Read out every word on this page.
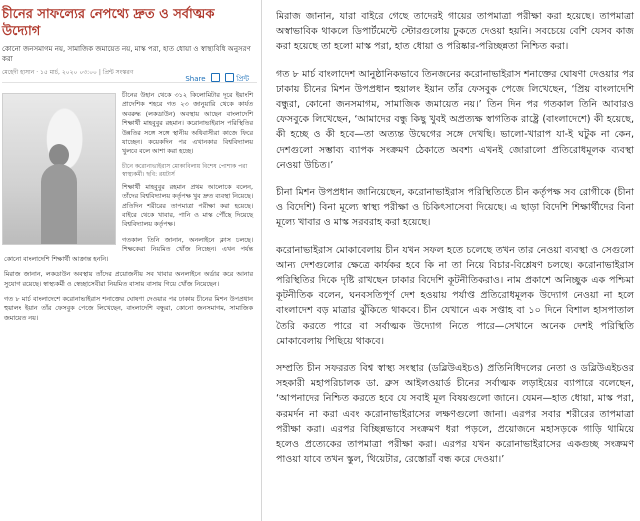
চীনের সাফল্যের নেপথ্যে দ্রুত ও সর্বাত্মক উদ্যোগ
কোনো জনসমাগম নয়, সামাজিক জমায়েত নয়, মাস্ক পরা, হাত ধোয়া ও স্বাস্থ্যবিধি অনুসরণ করা
মেহেদী হাসান · ১৫ মার্চ, ২০২০ ০৩:০০ | প্রিন্ট সংস্করণ
Share	প্রিন্ট

চীনের উহান থেকে ৩১২ কিলোমিটার দূরে ইয়াংশি প্রাদেশিক শহরে গত ২৩ জানুয়ারি থেকে কার্যত অবরুদ্ধ (লকডাউন) অবস্থায় আছেন বাংলাদেশি শিক্ষার্থী মাহবুবুর রহমান। করোনাভাইরাস পরিস্থিতির উন্নতির সঙ্গে সঙ্গে স্থানীয় অধিবাসীরা কাজে ফিরে যাচ্ছেন। কয়েকদিন পর এখানকার বিশ্ববিদ্যালয় খুলবে বলে আশা করা হচ্ছে।

চীনে করোনাভাইরাস মোকাবিলায় বিশেষ পোশাক পরা স্বাস্থ্যকর্মী। ছবি: রয়টার্স

শিক্ষার্থী মাহবুবুর রহমান প্রথম আলোকে বলেন, তাঁদের বিশ্ববিদ্যালয় কর্তৃপক্ষ খুব দ্রুত ব্যবস্থা নিয়েছে। প্রতিদিন শরীরের তাপমাত্রা পরীক্ষা করা হয়েছে। বাইরে থেকে খাবার, পানি ও মাস্ক পৌঁছে দিয়েছে বিশ্ববিদ্যালয় কর্তৃপক্ষ।

গতকাল তিনি জানান, অনলাইনে ক্লাস চলছে। শিক্ষকেরা নিয়মিত খোঁজ নিচ্ছেন। এখন পর্যন্ত কোনো বাংলাদেশি শিক্ষার্থী আক্রান্ত হননি।

মিরাজ জানান, লকডাউন অবস্থায় তাঁদের প্রয়োজনীয় সব খাবার অনলাইনে অর্ডার করে আনার সুযোগ রয়েছে। স্বাস্থ্যকর্মী ও স্বেচ্ছাসেবীরা নিয়মিত বাসায় বাসায় গিয়ে খোঁজ নিয়েছেন।

গত ৮ মার্চ বাংলাদেশে করোনাভাইরাস শনাক্তের ঘোষণা দেওয়ার পর ঢাকায় চীনের মিশন উপপ্রধান হুয়ালং ইয়ান তাঁর ফেসবুক পেজে লিখেছেন, বাংলাদেশি বন্ধুরা, কোনো জনসমাগম, সামাজিক জমায়েত নয়।

মিরাজ জানান, যারা বাইরে গেছে তাদেরই গায়ের তাপমাত্রা পরীক্ষা করা হয়েছে। তাপমাত্রা অস্বাভাবিক থাকলে ডিপার্টমেন্টে স্টোরগুলোয় ঢুকতে দেওয়া হয়নি। সবচেয়ে বেশি যেসব কাজ করা হয়েছে তা হলো মাস্ক পরা, হাত ধোয়া ও পরিষ্কার-পরিচ্ছন্নতা নিশ্চিত করা।

গত ৮ মার্চ বাংলাদেশ আনুষ্ঠানিকভাবে তিনজনের করোনাভাইরাস শনাক্তের ঘোষণা দেওয়ার পর ঢাকায় চীনের মিশন উপপ্রধান হুয়ালং ইয়ান তাঁর ফেসবুক পেজে লিখেছেন, ‘প্রিয় বাংলাদেশি বন্ধুরা, কোনো জনসমাগম, সামাজিক জমায়েত নয়।’ তিন দিন পর গতকাল তিনি আবারও ফেসবুকে লিখেছেন, ‘আমাদের বন্ধু কিছু খুবই অপ্রত্যক্ষ স্বাগতিক রাষ্ট্রে (বাংলাদেশে) কী হয়েছে, কী হচ্ছে ও কী হবে—তা অত্যন্ত উদ্বেগের সঙ্গে দেখছি। ভালো-খারাপ যা-ই ঘটুক না কেন, দেশগুলো সম্ভাব্য ব্যাপক সংক্রমণ ঠেকাতে অবশ্য এখনই জোরালো প্রতিরোধমূলক ব্যবস্থা নেওয়া উচিত।’

চীনা মিশন উপপ্রধান জানিয়েছেন, করোনাভাইরাস পরিস্থিতিতে চীন কর্তৃপক্ষ সব রোগীকে (চীনা ও বিদেশি) বিনা মূল্যে স্বাস্থ্য পরীক্ষা ও চিকিৎসাসেবা দিয়েছে। এ ছাড়া বিদেশি শিক্ষার্থীদের বিনা মূল্যে খাবার ও মাস্ক সরবরাহ করা হয়েছে।

করোনাভাইরাস মোকাবেলায় চীন যখন সফল হতে চলেছে তখন তার নেওয়া ব্যবস্থা ও সেগুলো আন্য দেশগুলোর ক্ষেত্রে কার্যকর হবে কি না তা নিয়ে বিচার-বিশ্লেষণ চলছে। করোনাভাইরাস পরিস্থিতির দিকে দৃষ্টি রাখছেন ঢাকার বিদেশি কূটনীতিকরাও। নাম প্রকাশে অনিচ্ছুক এক পশ্চিমা কূটনীতিক বলেন, ঘনবসতিপূর্ণ দেশ হওয়ায় পর্যাপ্ত প্রতিরোধমূলক উদ্যোগ নেওয়া না হলে বাংলাদেশ বড় মাত্রার ঝুঁকিতে থাকবে। চীন যেখানে এক সপ্তাহ বা ১০ দিনে বিশাল হাসপাতাল তৈরি করতে পারে বা সর্বাত্মক উদ্যোগ নিতে পারে—সেখানে অনেক দেশই পরিস্থিতি মোকাবেলায় পিছিয়ে থাকবে।

সম্প্রতি চীন সফররত বিশ্ব স্বাস্থ্য সংস্থার (ডব্লিউএইচও) প্রতিনিধিদলের নেতা ও ডব্লিউএইচওর সহকারী মহাপরিচালক ডা. ব্রুস আইলওয়ার্ড চীনের সর্বাত্মক লড়াইয়ের ব্যাপারে বলেছেন, ‘আপনাদের নিশ্চিত করতে হবে যে সবাই মূল বিষয়গুলো জানে। যেমন—হাত ধোয়া, মাস্ক পরা, করমর্দন না করা এবং করোনাভাইরাসের লক্ষণগুলো জানা। এরপর সবার শরীরের তাপমাত্রা পরীক্ষা করা। এরপর বিচ্ছিন্নভাবে সংক্রমণ ধরা পড়লে, প্রয়োজনে মহাসড়কে গাড়ি থামিয়ে হলেও প্রত্যেকের তাপমাত্রা পরীক্ষা করা। এরপর যখন করোনাভাইরাসের একগুচ্ছ সংক্রমণ পাওয়া যাবে তখন স্কুল, থিয়েটার, রেস্তোরাঁ বন্ধ করে দেওয়া।’
